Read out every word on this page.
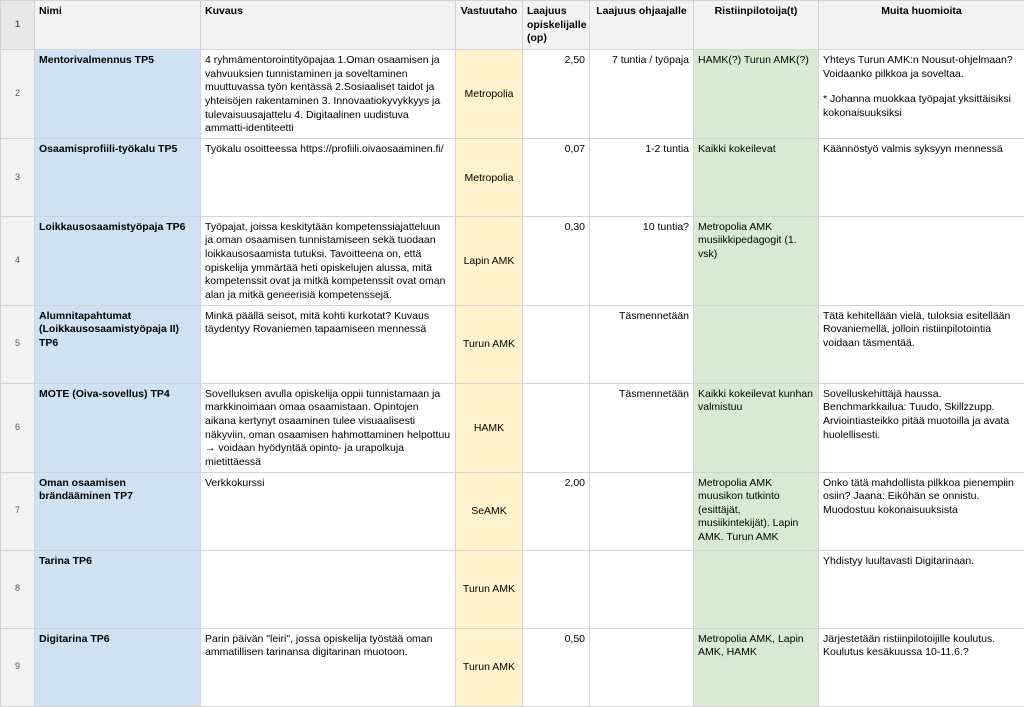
1	Nimi	Kuvaus	Vastuutaho	Laajuus opiskelijalle (op)	Laajuus ohjaajalle	Ristiinpilotoija(t)	Muita huomioita
2	Mentorivalmennus TP5	4 ryhmämentorointityöpajaa 1.Oman osaamisen ja vahvuuksien tunnistaminen ja soveltaminen muuttuvassa työn kentässä 2.Sosiaaliset taidot ja yhteisöjen rakentaminen 3. Innovaatiokyvykkyys ja tulevaisuusajattelu 4. Digitaalinen uudistuva ammatti-identiteetti	Metropolia	2,50	7 tuntia / työpaja	HAMK(?) Turun AMK(?)	Yhteys Turun AMK:n Nousut-ohjelmaan? Voidaanko pilkkoa ja soveltaa.
* Johanna muokkaa työpajat yksittäisiksi kokonaisuuksiksi
3	Osaamisprofiili-työkalu TP5	Työkalu osoitteessa https://profiili.oivaosaaminen.fi/	Metropolia	0,07	1-2 tuntia	Kaikki kokeilevat	Käännöstyö valmis syksyyn mennessä
4	Loikkausosaamistyöpaja TP6	Työpajat, joissa keskitytään kompetenssiajatteluun ja oman osaamisen tunnistamiseen sekä tuodaan loikkausosaamista tutuksi. Tavoitteena on, että opiskelija ymmärtää heti opiskelujen alussa, mitä kompetenssit ovat ja mitkä kompetenssit ovat oman alan ja mitkä geneerisiä kompetenssejä.	Lapin AMK	0,30	10 tuntia?	Metropolia AMK musiikkipedagogit (1. vsk)	
5	Alumnitapahtumat (Loikkausosaamistyöpaja II) TP6	Minkä päällä seisot, mitä kohti kurkotat? Kuvaus täydentyy Rovaniemen tapaamiseen mennessä	Turun AMK		Täsmennetään		Tätä kehitellään vielä, tuloksia esitellään Rovaniemellä, jolloin ristiinpilotointia voidaan täsmentää.
6	MOTE (Oiva-sovellus) TP4	Sovelluksen avulla opiskelija oppii tunnistamaan ja markkinoimaan omaa osaamistaan. Opintojen aikana kertynyt osaaminen tulee visuaalisesti näkyviin, oman osaamisen hahmottaminen helpottuu → voidaan hyödyntää opinto- ja urapolkuja mietittäessä	HAMK		Täsmennetään	Kaikki kokeilevat kunhan valmistuu	Sovelluskehittäjä haussa. Benchmarkkailua: Tuudo, Skillzzupp. Arviointiasteikko pitää muotoilla ja avata huolellisesti.
7	Oman osaamisen brändääminen TP7	Verkkokurssi	SeAMK	2,00		Metropolia AMK muusikon tutkinto (esittäjät, musiikintekijät). Lapin AMK. Turun AMK	Onko tätä mahdollista pilkkoa pienempiin osiin? Jaana: Eiköhän se onnistu. Muodostuu kokonaisuuksista
8	Tarina TP6		Turun AMK				Yhdistyy luultavasti Digitarinaan.
9	Digitarina TP6	Parin päivän "leiri", jossa opiskelija työstää oman ammatillisen tarinansa digitarinan muotoon.	Turun AMK	0,50		Metropolia AMK, Lapin AMK, HAMK	Järjestetään ristiinpilotoijille koulutus. Koulutus kesäkuussa 10-11.6.?
